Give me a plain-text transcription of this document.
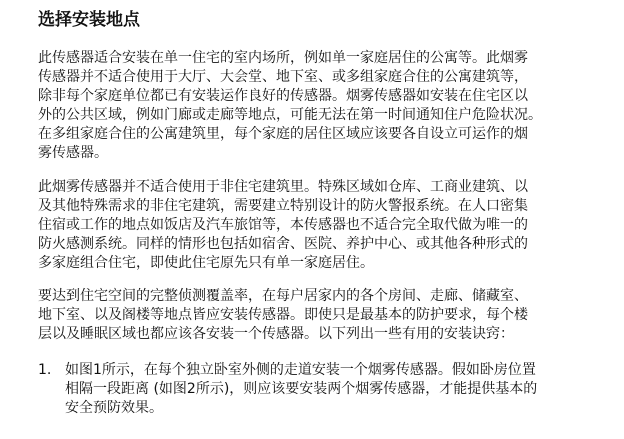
选择安装地点
此传感器适合安装在单一住宅的室内场所，例如单一家庭居住的公寓等。此烟雾
传感器并不适合使用于大厅、大会堂、地下室、或多组家庭合住的公寓建筑等，
除非每个家庭单位都已有安装运作良好的传感器。烟雾传感器如安装在住宅区以
外的公共区域，例如门廊或走廊等地点，可能无法在第一时间通知住户危险状况。
在多组家庭合住的公寓建筑里，每个家庭的居住区域应该要各自设立可运作的烟
雾传感器。
此烟雾传感器并不适合使用于非住宅建筑里。特殊区域如仓库、工商业建筑、以
及其他特殊需求的非住宅建筑，需要建立特别设计的防火警报系统。在人口密集
住宿或工作的地点如饭店及汽车旅馆等，本传感器也不适合完全取代做为唯一的
防火感测系统。同样的情形也包括如宿舍、医院、养护中心、或其他各种形式的
多家庭组合住宅，即使此住宅原先只有单一家庭居住。
要达到住宅空间的完整侦测覆盖率，在每户居家内的各个房间、走廊、储藏室、
地下室、以及阁楼等地点皆应安装传感器。即使只是最基本的防护要求，每个楼
层以及睡眠区域也都应该各安装一个传感器。以下列出一些有用的安装诀窍：
1. 如图1所示，在每个独立卧室外侧的走道安装一个烟雾传感器。假如卧房位置
相隔一段距离 (如图2所示)，则应该要安装两个烟雾传感器，才能提供基本的
安全预防效果。
